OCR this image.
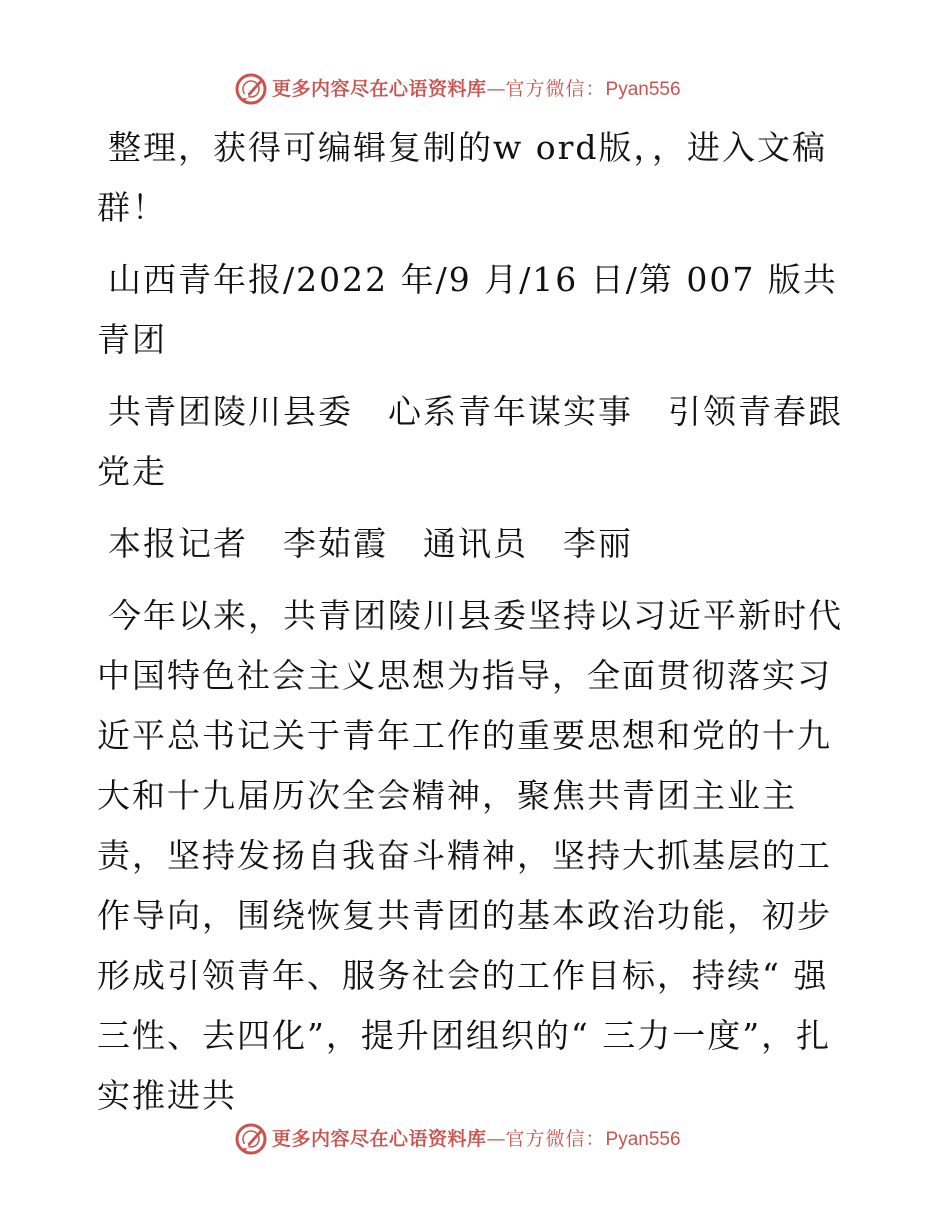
更多内容尽在心语资料库—官方微信：Pyan556

整理，获得可编辑复制的w ord版，，进入文稿群！

山西青年报/2022 年/9 月/16 日/第 007 版共青团

共青团陵川县委　心系青年谋实事　引领青春跟党走

本报记者　李茹霞　通讯员　李丽

今年以来，共青团陵川县委坚持以习近平新时代中国特色社会主义思想为指导，全面贯彻落实习近平总书记关于青年工作的重要思想和党的十九大和十九届历次全会精神，聚焦共青团主业主责，坚持发扬自我奋斗精神，坚持大抓基层的工作导向，围绕恢复共青团的基本政治功能，初步形成引领青年、服务社会的工作目标，持续“ 强三性、去四化”，提升团组织的“ 三力一度”，扎实推进共

更多内容尽在心语资料库—官方微信：Pyan556
